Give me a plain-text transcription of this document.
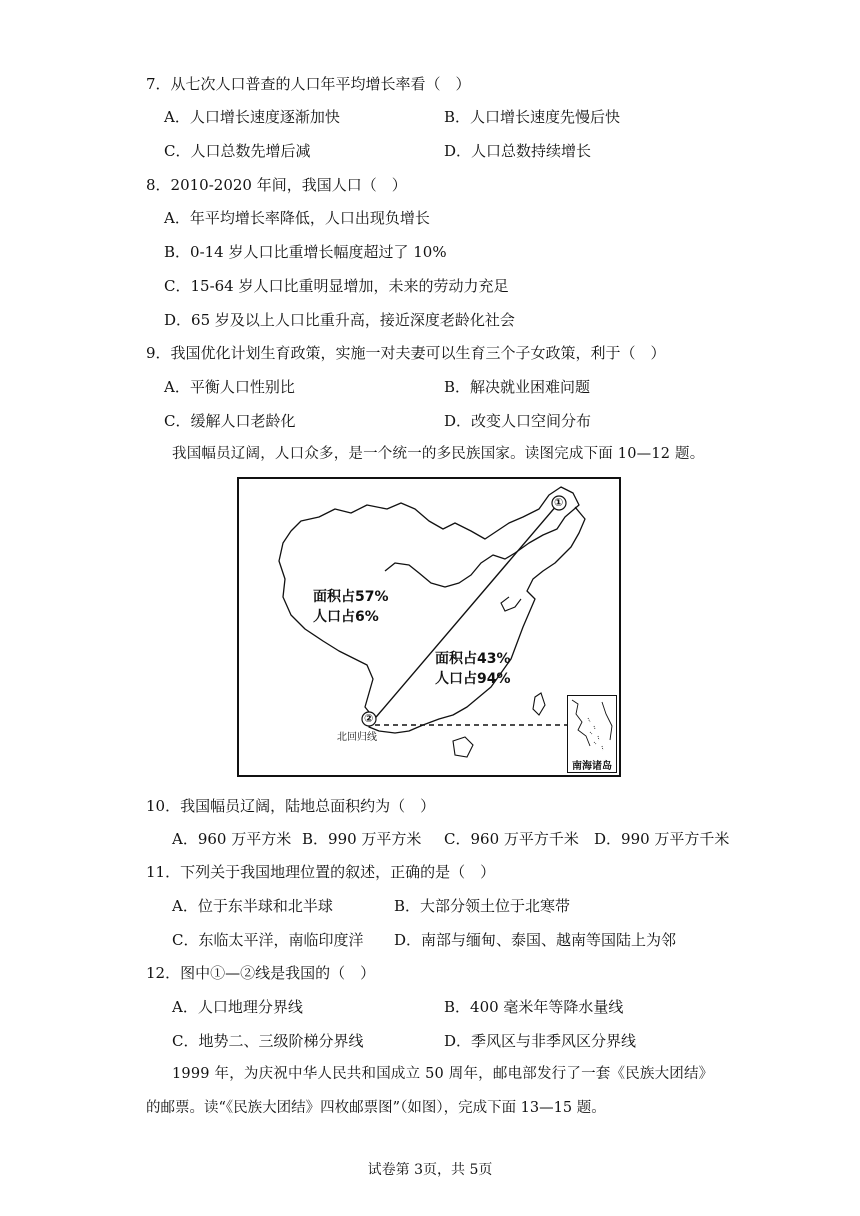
7．从七次人口普查的人口年平均增长率看（　）
A．人口增长速度逐渐加快	B．人口增长速度先慢后快
C．人口总数先增后减	D．人口总数持续增长
8．2010-2020 年间，我国人口（　）
A．年平均增长率降低，人口出现负增长
B．0-14 岁人口比重增长幅度超过了 10%
C．15-64 岁人口比重明显增加，未来的劳动力充足
D．65 岁及以上人口比重升高，接近深度老龄化社会
9．我国优化计划生育政策，实施一对夫妻可以生育三个子女政策，利于（　）
A．平衡人口性别比	B．解决就业困难问题
C．缓解人口老龄化	D．改变人口空间分布
我国幅员辽阔，人口众多，是一个统一的多民族国家。读图完成下面 10—12 题。
①
②
面积占57%
人口占6%
面积占43%
人口占94%
北回归线
南海诸岛
10．我国幅员辽阔，陆地总面积约为（　）
A．960 万平方米 B．990 万平方米 C．960 万平方千米 D．990 万平方千米
11．下列关于我国地理位置的叙述，正确的是（　）
A．位于东半球和北半球	B．大部分领土位于北寒带
C．东临太平洋，南临印度洋 D．南部与缅甸、泰国、越南等国陆上为邻
12．图中①—②线是我国的（　）
A．人口地理分界线	B．400 毫米年等降水量线
C．地势二、三级阶梯分界线	D．季风区与非季风区分界线
1999 年，为庆祝中华人民共和国成立 50 周年，邮电部发行了一套《民族大团结》
的邮票。读“《民族大团结》四枚邮票图”（如图），完成下面 13—15 题。
试卷第 3页，共 5页
